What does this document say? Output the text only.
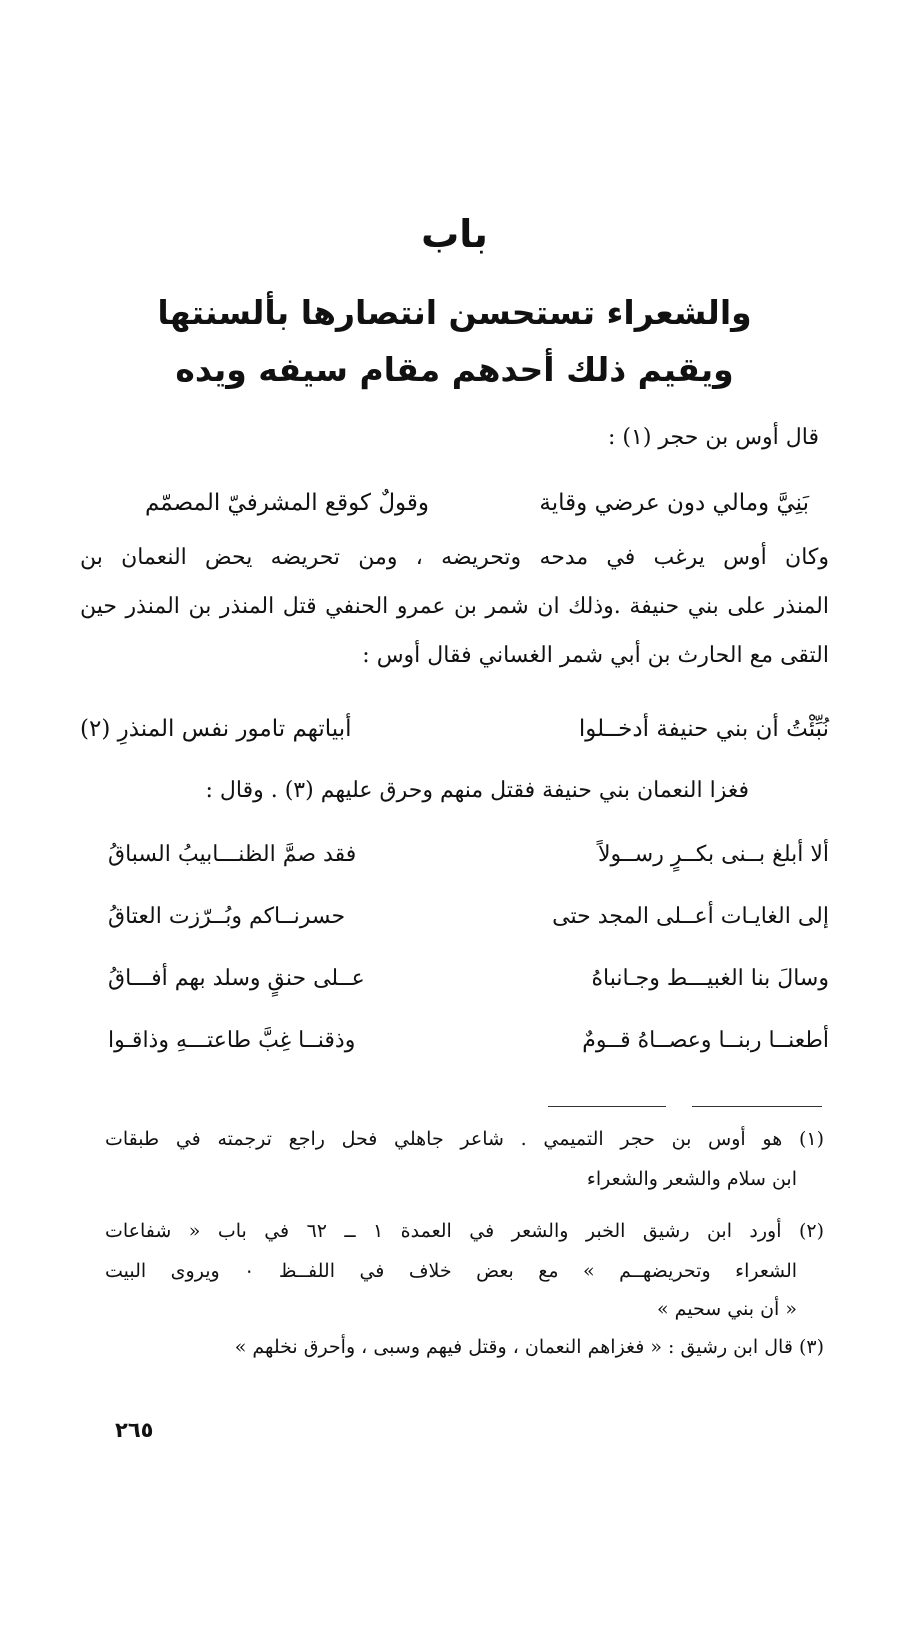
باب
والشعراء تستحسن انتصارها بألسنتها
ويقيم ذلك أحدهم مقام سيفه ويده
قال أوس بن حجر (١) :
بَنِيَّ ومالي دون عرضي وقاية
وقولٌ كوقع المشرفيّ المصمّم
وكان أوس يرغب في مدحه وتحريضه ، ومن تحريضه يحض النعمان بن
المنذر على بني حنيفة .وذلك ان شمر بن عمرو الحنفي قتل المنذر بن المنذر حين
التقى مع الحارث بن أبي شمر الغساني فقال أوس :
نُبِّئْتُ أن بني حنيفة أدخــلوا
أبياتهم تامور نفس المنذرِ (٢)
فغزا النعمان بني حنيفة فقتل منهم وحرق عليهم (٣) . وقال :
ألا أبلغ بــنى بكــرٍ رســولاً
فقد صمَّ الظنـــابيبُ السباقُ
إلى الغايـات أعــلى المجد حتى
حسرنــاكم وبُــرّزت العتاقُ
وسالَ بنا الغبيـــط وجـانباهُ
عــلى حنقٍ وسلد بهم أفـــاقُ
أطعنــا ربنــا وعصــاهُ قــومٌ
وذقنــا غِبَّ طاعتـــهِ وذاقـوا
(١) هو أوس بن حجر التميمي . شاعر جاهلي فحل راجع ترجمته في طبقات
ابن سلام والشعر والشعراء
(٢) أورد ابن رشيق الخبر والشعر في العمدة ١ ــ ٦٢ في باب « شفاعات
الشعراء وتحريضهــم » مع بعض خلاف في اللفــظ ٠ ويروى البيت
« أن بني سحيم »
(٣) قال ابن رشيق : « فغزاهم النعمان ، وقتل فيهم وسبى ، وأحرق نخلهم »
٢٦٥
